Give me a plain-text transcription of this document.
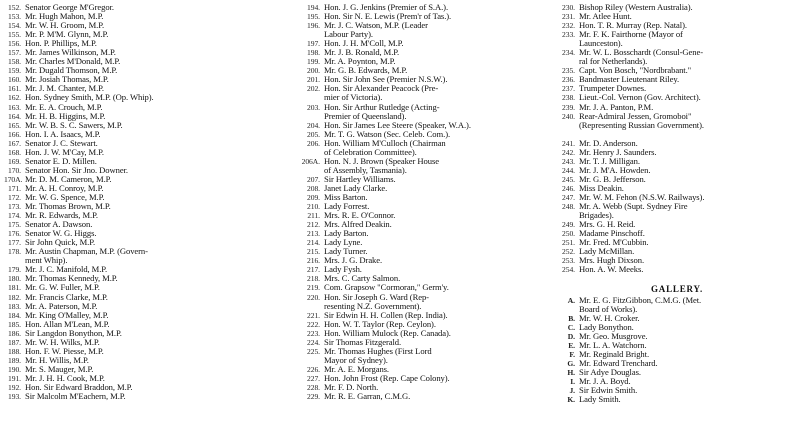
152. Senator George M'Gregor.
153. Mr. Hugh Mahon, M.P.
154. Mr. W. H. Groom, M.P.
155. Mr. P. M'M. Glynn, M.P.
156. Hon. P. Phillips, M.P.
157. Mr. James Wilkinson, M.P.
158. Mr. Charles M'Donald, M.P.
159. Mr. Dugald Thomson, M.P.
160. Mr. Josiah Thomas, M.P.
161. Mr. J. M. Chanter, M.P.
162. Hon. Sydney Smith, M.P. (Op. Whip).
163. Mr. E. A. Crouch, M.P.
164. Mr. H. B. Higgins, M.P.
165. Mr. W. B. S. C. Sawers, M.P.
166. Hon. I. A. Isaacs, M.P.
167. Senator J. C. Stewart.
168. Hon. J. W. M'Cay, M.P.
169. Senator E. D. Millen.
170. Senator Hon. Sir Jno. Downer.
170A. Mr. D. M. Cameron, M.P.
171. Mr. A. H. Conroy, M.P.
172. Mr. W. G. Spence, M.P.
173. Mr. Thomas Brown, M.P.
174. Mr. R. Edwards, M.P.
175. Senator A. Dawson.
176. Senator W. G. Higgs.
177. Sir John Quick, M.P.
178. Mr. Austin Chapman, M.P. (Govern-
ment Whip).
179. Mr. J. C. Manifold, M.P.
180. Mr. Thomas Kennedy, M.P.
181. Mr. G. W. Fuller, M.P.
182. Mr. Francis Clarke, M.P.
183. Mr. A. Paterson, M.P.
184. Mr. King O'Malley, M.P.
185. Hon. Allan M'Lean, M.P.
186. Sir Langdon Bonython, M.P.
187. Mr. W. H. Wilks, M.P.
188. Hon. F. W. Piesse, M.P.
189. Mr. H. Willis, M.P.
190. Mr. S. Mauger, M.P.
191. Mr. J. H. H. Cook, M.P.
192. Hon. Sir Edward Braddon, M.P.
193. Sir Malcolm M'Eachern, M.P.
194. Hon. J. G. Jenkins (Premier of S.A.).
195. Hon. Sir N. E. Lewis (Prem'r of Tas.).
196. Mr. J. C. Watson, M.P. (Leader
Labour Party).
197. Hon. J. H. M'Coll, M.P.
198. Mr. J. B. Ronald, M.P.
199. Mr. A. Poynton, M.P.
200. Mr. G. B. Edwards, M.P.
201. Hon. Sir John See (Premier N.S.W.).
202. Hon. Sir Alexander Peacock (Pre-
mier of Victoria).
203. Hon. Sir Arthur Rutledge (Acting-
Premier of Queensland).
204. Hon. Sir James Lee Steere (Speaker, W.A.).
205. Mr. T. G. Watson (Sec. Celeb. Com.).
206. Hon. William M'Culloch (Chairman
of Celebration Committee).
206A. Hon. N. J. Brown (Speaker House
of Assembly, Tasmania).
207. Sir Hartley Williams.
208. Janet Lady Clarke.
209. Miss Barton.
210. Lady Forrest.
211. Mrs. R. E. O'Connor.
212. Mrs. Alfred Deakin.
213. Lady Barton.
214. Lady Lyne.
215. Lady Turner.
216. Mrs. J. G. Drake.
217. Lady Fysh.
218. Mrs. C. Carty Salmon.
219. Com. Grapsow "Cormoran," Germ'y.
220. Hon. Sir Joseph G. Ward (Rep-
resenting N.Z. Government).
221. Sir Edwin H. H. Collen (Rep. India).
222. Hon. W. T. Taylor (Rep. Ceylon).
223. Hon. William Mulock (Rep. Canada).
224. Sir Thomas Fitzgerald.
225. Mr. Thomas Hughes (First Lord
Mayor of Sydney).
226. Mr. A. E. Morgans.
227. Hon. John Frost (Rep. Cape Colony).
228. Mr. F. D. North.
229. Mr. R. E. Garran, C.M.G.
230. Bishop Riley (Western Australia).
231. Mr. Atlee Hunt.
232. Hon. T. R. Murray (Rep. Natal).
233. Mr. F. K. Fairthorne (Mayor of
Launceston).
234. Mr. W. L. Bosschardt (Consul-Gene-
ral for Netherlands).
235. Capt. Von Bosch, "Nordbrabant."
236. Bandmaster Lieutenant Riley.
237. Trumpeter Downes.
238. Lieut.-Col. Vernon (Gov. Architect).
239. Mr. J. A. Panton, P.M.
240. Rear-Admiral Jessen, Gromoboi"
(Representing Russian Government).
241. Mr. D. Anderson.
242. Mr. Henry J. Saunders.
243. Mr. T. J. Milligan.
244. Mr. J. M'A. Howden.
245. Mr. G. B. Jefferson.
246. Miss Deakin.
247. Mr. W. M. Fehon (N.S.W. Railways).
248. Mr. A. Webb (Supt. Sydney Fire
Brigades).
249. Mrs. G. H. Reid.
250. Madame Pinschoff.
251. Mr. Fred. M'Cubbin.
252. Lady McMillan.
253. Mrs. Hugh Dixson.
254. Hon. A. W. Meeks.
GALLERY.
A. Mr. E. G. FitzGibbon, C.M.G. (Met.
Board of Works).
B. Mr. W. H. Croker.
C. Lady Bonython.
D. Mr. Geo. Musgrove.
E. Mr. L. A. Watchorn.
F. Mr. Reginald Bright.
G. Mr. Edward Trenchard.
H. Sir Adye Douglas.
I. Mr. J. A. Boyd.
J. Sir Edwin Smith.
K. Lady Smith.
